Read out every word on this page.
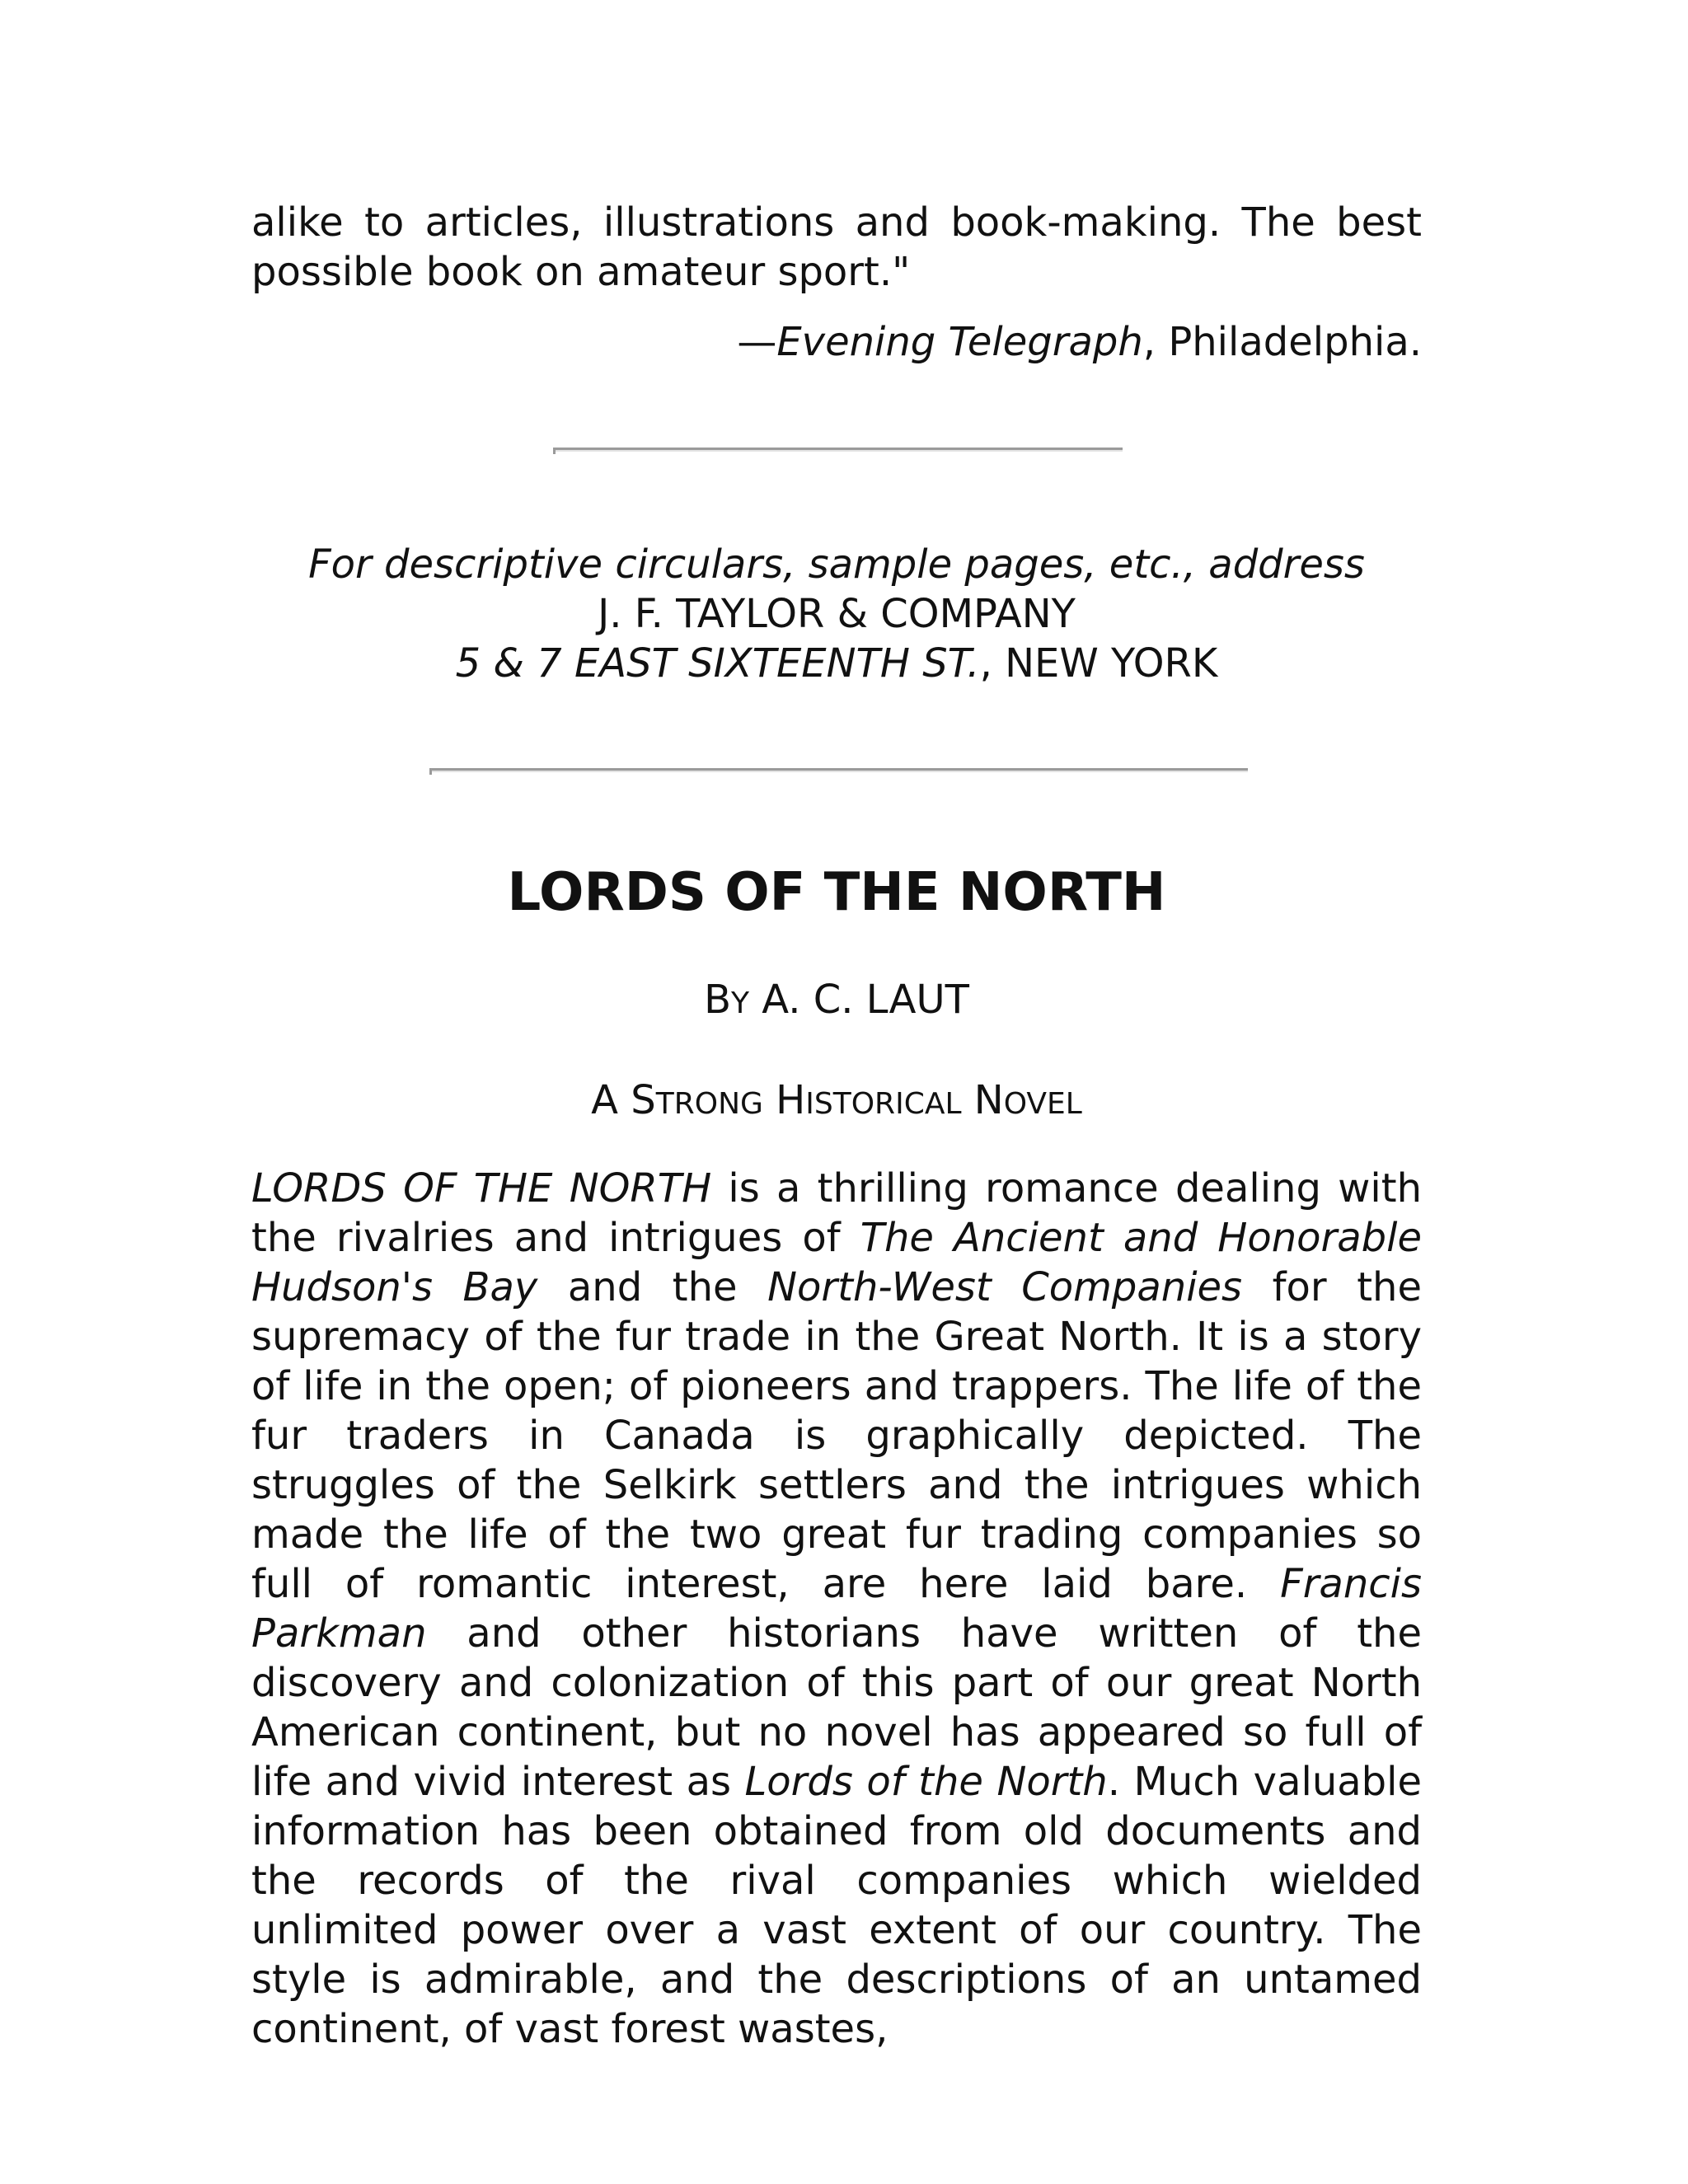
alike to articles, illustrations and book-making. The best possible book on amateur sport."

—Evening Telegraph, Philadelphia.

For descriptive circulars, sample pages, etc., address

J. F. TAYLOR & COMPANY

5 & 7 EAST SIXTEENTH ST., NEW YORK

LORDS OF THE NORTH

BY A. C. LAUT

A STRONG HISTORICAL NOVEL

LORDS OF THE NORTH is a thrilling romance dealing with the rivalries and intrigues of The Ancient and Honorable Hudson's Bay and the North-West Companies for the supremacy of the fur trade in the Great North. It is a story of life in the open; of pioneers and trappers. The life of the fur traders in Canada is graphically depicted. The struggles of the Selkirk settlers and the intrigues which made the life of the two great fur trading companies so full of romantic interest, are here laid bare. Francis Parkman and other historians have written of the discovery and colonization of this part of our great North American continent, but no novel has appeared so full of life and vivid interest as Lords of the North. Much valuable information has been obtained from old documents and the records of the rival companies which wielded unlimited power over a vast extent of our country. The style is admirable, and the descriptions of an untamed continent, of vast forest wastes,
